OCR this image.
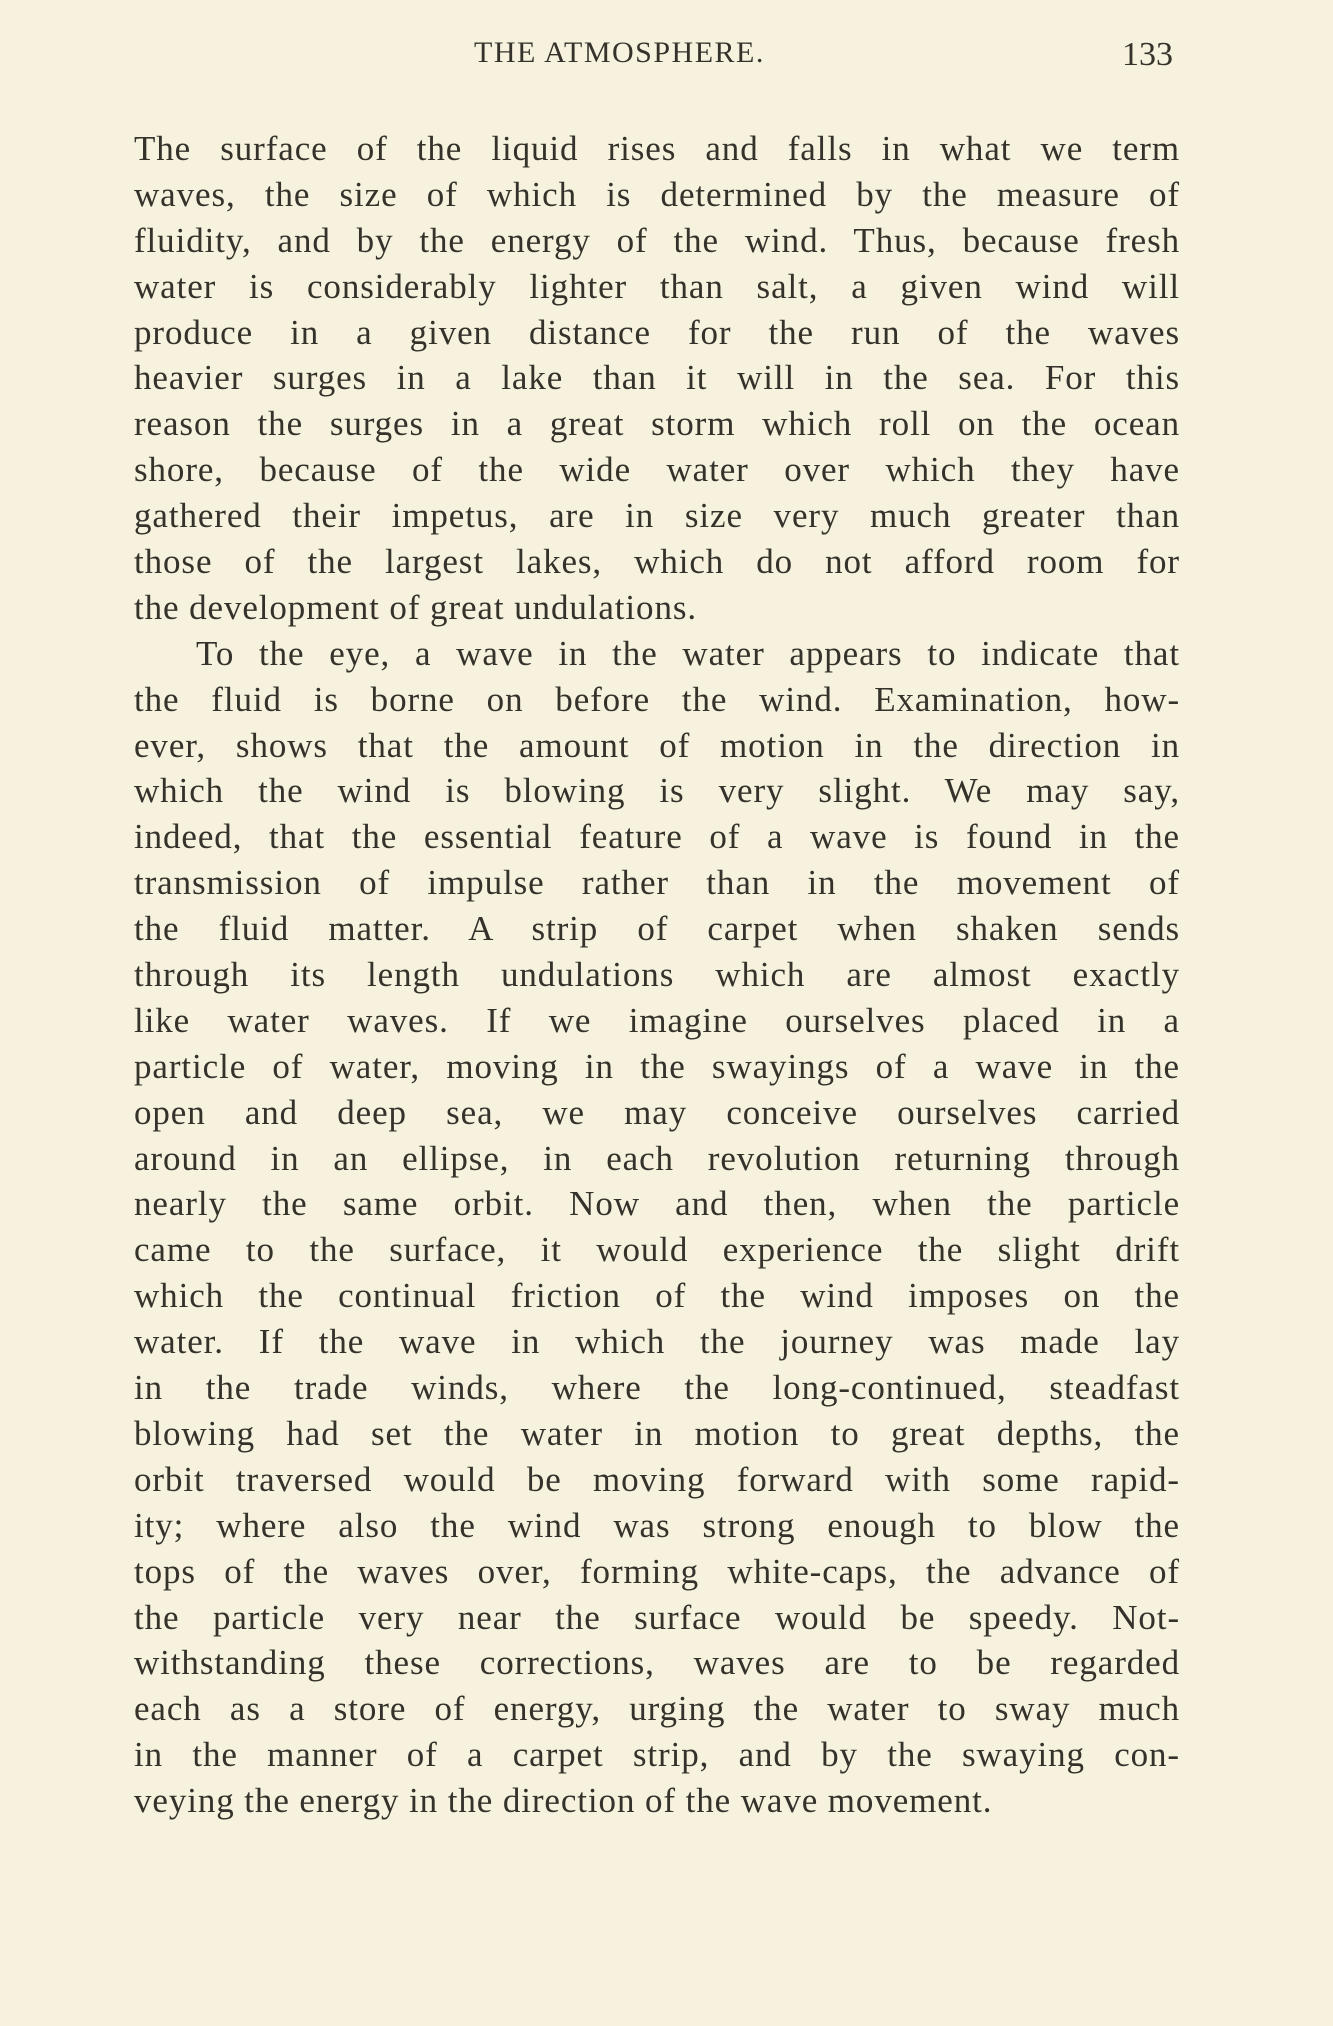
THE ATMOSPHERE.	133
The surface of the liquid rises and falls in what we term
waves, the size of which is determined by the measure of
fluidity, and by the energy of the wind. Thus, because fresh
water is considerably lighter than salt, a given wind will
produce in a given distance for the run of the waves
heavier surges in a lake than it will in the sea. For this
reason the surges in a great storm which roll on the ocean
shore, because of the wide water over which they have
gathered their impetus, are in size very much greater than
those of the largest lakes, which do not afford room for
the development of great undulations.
To the eye, a wave in the water appears to indicate that
the fluid is borne on before the wind. Examination, how-
ever, shows that the amount of motion in the direction in
which the wind is blowing is very slight. We may say,
indeed, that the essential feature of a wave is found in the
transmission of impulse rather than in the movement of
the fluid matter. A strip of carpet when shaken sends
through its length undulations which are almost exactly
like water waves. If we imagine ourselves placed in a
particle of water, moving in the swayings of a wave in the
open and deep sea, we may conceive ourselves carried
around in an ellipse, in each revolution returning through
nearly the same orbit. Now and then, when the particle
came to the surface, it would experience the slight drift
which the continual friction of the wind imposes on the
water. If the wave in which the journey was made lay
in the trade winds, where the long-continued, steadfast
blowing had set the water in motion to great depths, the
orbit traversed would be moving forward with some rapid-
ity; where also the wind was strong enough to blow the
tops of the waves over, forming white-caps, the advance of
the particle very near the surface would be speedy. Not-
withstanding these corrections, waves are to be regarded
each as a store of energy, urging the water to sway much
in the manner of a carpet strip, and by the swaying con-
veying the energy in the direction of the wave movement.
